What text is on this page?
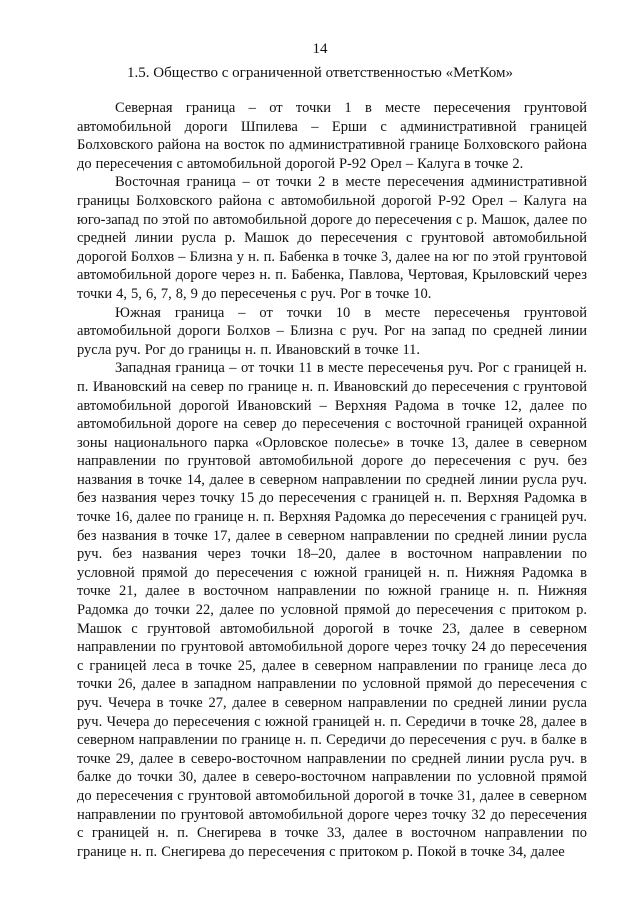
14
1.5. Общество с ограниченной ответственностью «МетКом»

Северная граница – от точки 1 в месте пересечения грунтовой автомобильной дороги Шпилева – Ерши с административной границей Болховского района на восток по административной границе Болховского района до пересечения с автомобильной дорогой Р-92 Орел – Калуга в точке 2.

Восточная граница – от точки 2 в месте пересечения административной границы Болховского района с автомобильной дорогой Р-92 Орел – Калуга на юго-запад по этой по автомобильной дороге до пересечения с р. Машок, далее по средней линии русла р. Машок до пересечения с грунтовой автомобильной дорогой Болхов – Близна у н. п. Бабенка в точке 3, далее на юг по этой грунтовой автомобильной дороге через н. п. Бабенка, Павлова, Чертовая, Крыловский через точки 4, 5, 6, 7, 8, 9 до пересеченья с руч. Рог в точке 10.

Южная граница – от точки 10 в месте пересеченья грунтовой автомобильной дороги Болхов – Близна с руч. Рог на запад по средней линии русла руч. Рог до границы н. п. Ивановский в точке 11.

Западная граница – от точки 11 в месте пересеченья руч. Рог с границей н. п. Ивановский на север по границе н. п. Ивановский до пересечения с грунтовой автомобильной дорогой Ивановский – Верхняя Радома в точке 12, далее по автомобильной дороге на север до пересечения с восточной границей охранной зоны национального парка «Орловское полесье» в точке 13, далее в северном направлении по грунтовой автомобильной дороге до пересечения с руч. без названия в точке 14, далее в северном направлении по средней линии русла руч. без названия через точку 15 до пересечения с границей н. п. Верхняя Радомка в точке 16, далее по границе н. п. Верхняя Радомка до пересечения с границей руч. без названия в точке 17, далее в северном направлении по средней линии русла руч. без названия через точки 18–20, далее в восточном направлении по условной прямой до пересечения с южной границей н. п. Нижняя Радомка в точке 21, далее в восточном направлении по южной границе н. п. Нижняя Радомка до точки 22, далее по условной прямой до пересечения с притоком р. Машок с грунтовой автомобильной дорогой в точке 23, далее в северном направлении по грунтовой автомобильной дороге через точку 24 до пересечения с границей леса в точке 25, далее в северном направлении по границе леса до точки 26, далее в западном направлении по условной прямой до пересечения с руч. Чечера в точке 27, далее в северном направлении по средней линии русла руч. Чечера до пересечения с южной границей н. п. Середичи в точке 28, далее в северном направлении по границе н. п. Середичи до пересечения с руч. в балке в точке 29, далее в северо-восточном направлении по средней линии русла руч. в балке до точки 30, далее в северо-восточном направлении по условной прямой до пересечения с грунтовой автомобильной дорогой в точке 31, далее в северном направлении по грунтовой автомобильной дороге через точку 32 до пересечения с границей н. п. Снегирева в точке 33, далее в восточном направлении по границе н. п. Снегирева до пересечения с притоком р. Покой в точке 34, далее
